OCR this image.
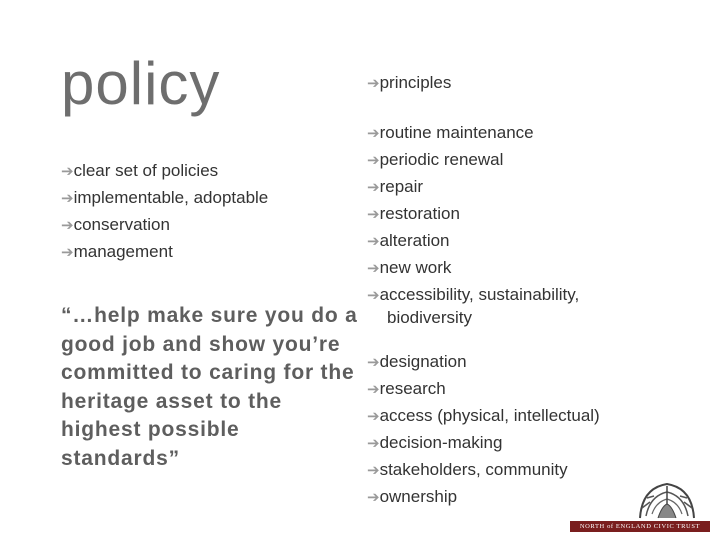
policy
➔clear set of policies
➔implementable, adoptable
➔conservation
➔management
“…help make sure you do a good job and show you’re committed to caring for the heritage asset to the highest possible standards”
➔principles
➔routine maintenance
➔periodic renewal
➔repair
➔restoration
➔alteration
➔new work
➔accessibility, sustainability,
biodiversity
➔designation
➔research
➔access (physical, intellectual)
➔decision-making
➔stakeholders, community
➔ownership
NORTH of ENGLAND CIVIC TRUST
